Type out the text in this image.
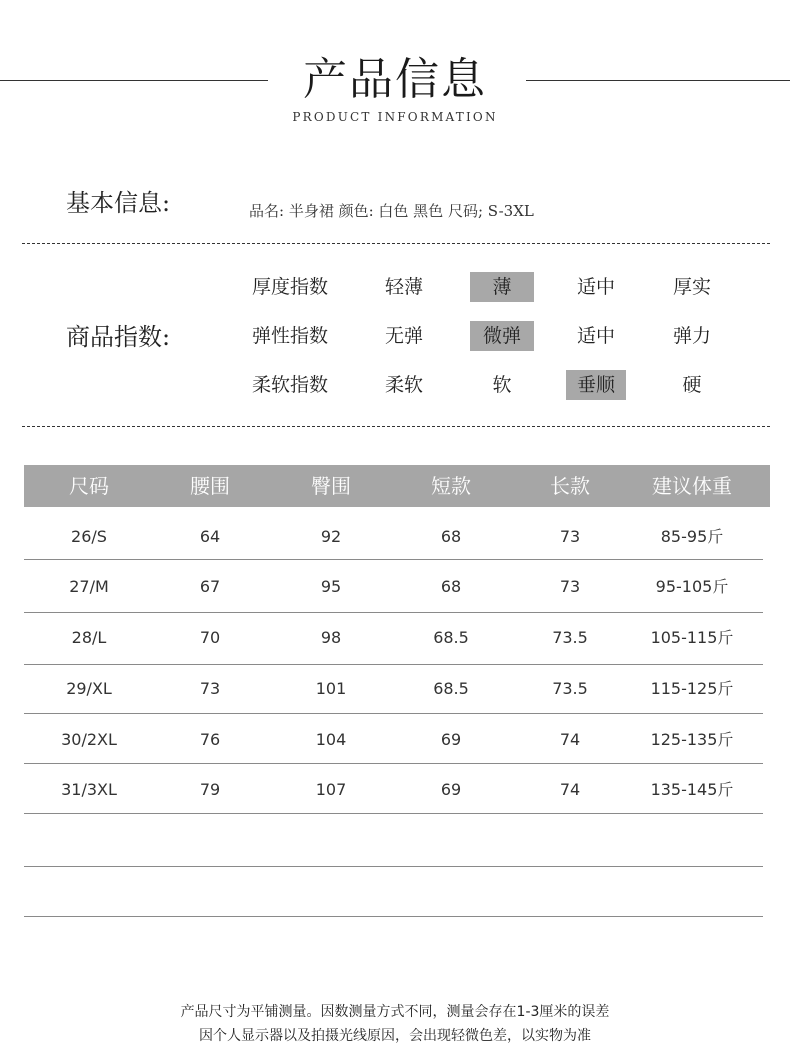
产品信息
PRODUCT INFORMATION
基本信息:	品名: 半身裙 颜色: 白色 黑色 尺码; S-3XL
商品指数:
厚度指数	轻薄	薄	适中	厚实
弹性指数	无弹	微弹	适中	弹力
柔软指数	柔软	软	垂顺	硬
尺码	腰围	臀围	短款	长款	建议体重
26/S	64	92	68	73	85-95斤
27/M	67	95	68	73	95-105斤
28/L	70	98	68.5	73.5	105-115斤
29/XL	73	101	68.5	73.5	115-125斤
30/2XL	76	104	69	74	125-135斤
31/3XL	79	107	69	74	135-145斤
产品尺寸为平铺测量。因数测量方式不同，测量会存在1-3厘米的误差
因个人显示器以及拍摄光线原因，会出现轻微色差，以实物为准
